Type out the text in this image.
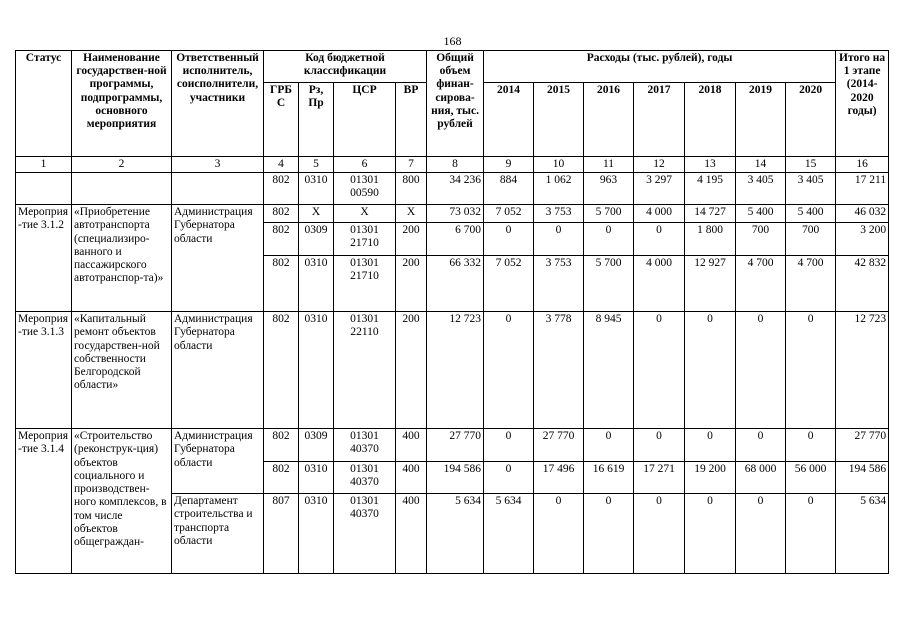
168
Статус	Наименование государствен-ной программы, подпрограммы, основного мероприятия	Ответственный исполнитель, соисполнители, участники	Код бюджетной классификации				Общий объем финан-сирова-ния, тыс. рублей	Расходы (тыс. рублей), годы							Итого на 1 этапе (2014-2020 годы)
			ГРБС	Рз, Пр	ЦСР	ВР		2014	2015	2016	2017	2018	2019	2020	
1	2	3	4	5	6	7	8	9	10	11	12	13	14	15	16
			802	0310	01301 00590	800	34 236	884	1 062	963	3 297	4 195	3 405	3 405	17 211
Мероприя-тие 3.1.2	«Приобретение автотранспорта (специализиро-ванного и пассажирского автотранспор-та)»	Администрация Губернатора области	802	Х	Х	Х	73 032	7 052	3 753	5 700	4 000	14 727	5 400	5 400	46 032
			802	0309	01301 21710	200	6 700	0	0	0	0	1 800	700	700	3 200
			802	0310	01301 21710	200	66 332	7 052	3 753	5 700	4 000	12 927	4 700	4 700	42 832
Мероприя-тие 3.1.3	«Капитальный ремонт объектов государствен-ной собственности Белгородской области»	Администрация Губернатора области	802	0310	01301 22110	200	12 723	0	3 778	8 945	0	0	0	0	12 723
Мероприя-тие 3.1.4	«Строительство (реконструк-ция) объектов социального и производствен-ного комплексов, в том числе объектов общеграждан-	Администрация Губернатора области	802	0309	01301 40370	400	27 770	0	27 770	0	0	0	0	0	27 770
			802	0310	01301 40370	400	194 586	0	17 496	16 619	17 271	19 200	68 000	56 000	194 586
		Департамент строительства и транспорта области	807	0310	01301 40370	400	5 634	5 634	0	0	0	0	0	0	5 634
